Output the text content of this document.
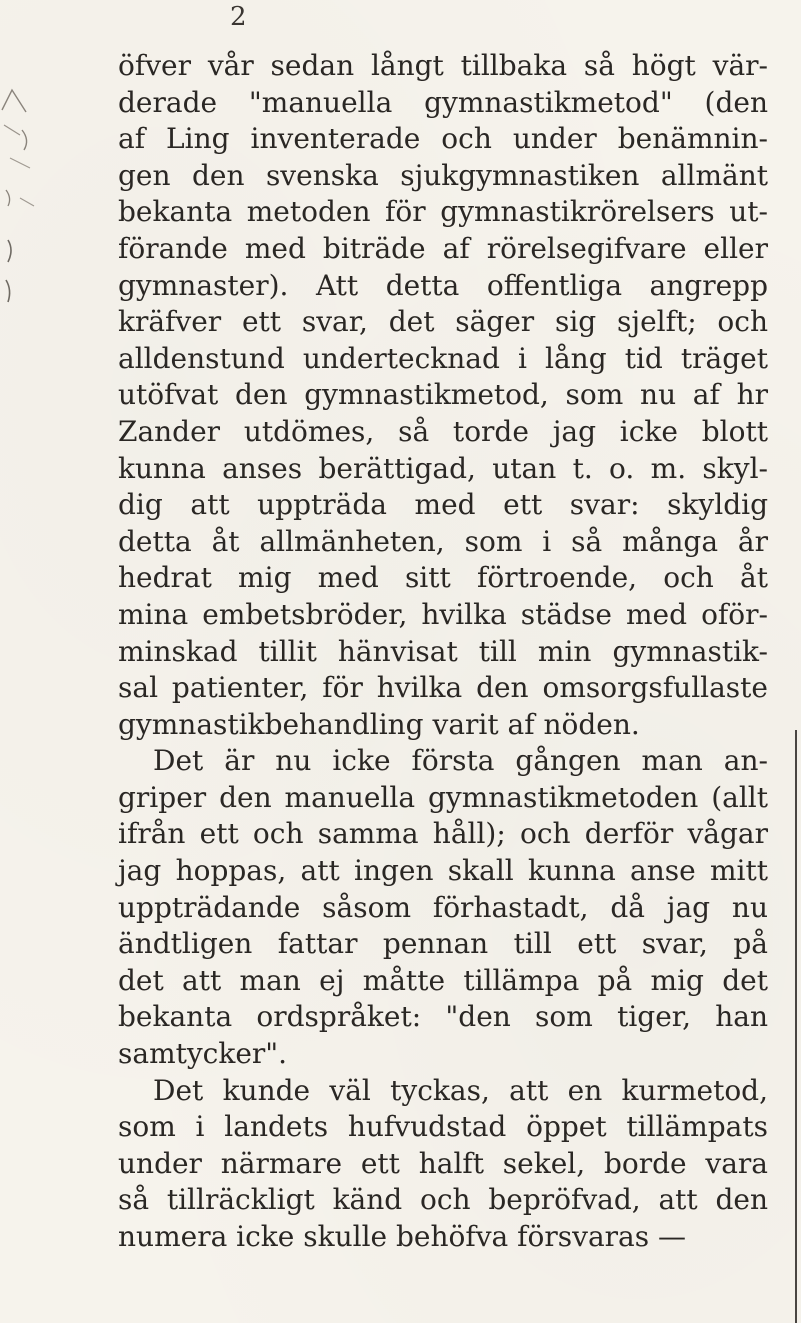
2
öfver vår sedan långt tillbaka så högt vär-
derade "manuella gymnastikmetod" (den
af Ling inventerade och under benämnin-
gen den svenska sjukgymnastiken allmänt
bekanta metoden för gymnastikrörelsers ut-
förande med biträde af rörelsegifvare eller
gymnaster). Att detta offentliga angrepp
kräfver ett svar, det säger sig sjelft; och
alldenstund undertecknad i lång tid träget
utöfvat den gymnastikmetod, som nu af hr
Zander utdömes, så torde jag icke blott
kunna anses berättigad, utan t. o. m. skyl-
dig att uppträda med ett svar: skyldig
detta åt allmänheten, som i så många år
hedrat mig med sitt förtroende, och åt
mina embetsbröder, hvilka städse med oför-
minskad tillit hänvisat till min gymnastik-
sal patienter, för hvilka den omsorgsfullaste
gymnastikbehandling varit af nöden.
Det är nu icke första gången man an-
griper den manuella gymnastikmetoden (allt
ifrån ett och samma håll); och derför vågar
jag hoppas, att ingen skall kunna anse mitt
uppträdande såsom förhastadt, då jag nu
ändtligen fattar pennan till ett svar, på
det att man ej måtte tillämpa på mig det
bekanta ordspråket: "den som tiger, han
samtycker".
Det kunde väl tyckas, att en kurmetod,
som i landets hufvudstad öppet tillämpats
under närmare ett halft sekel, borde vara
så tillräckligt känd och bepröfvad, att den
numera icke skulle behöfva försvaras —
